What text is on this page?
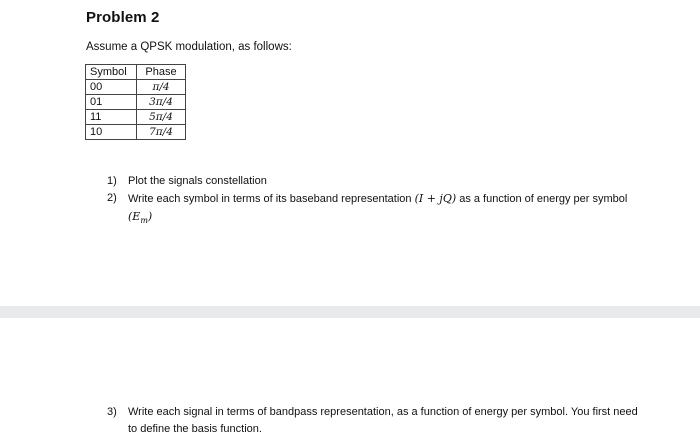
Problem 2
Assume a QPSK modulation, as follows:
Symbol	Phase
00	π/4
01	3π/4
11	5π/4
10	7π/4
1) Plot the signals constellation
2) Write each symbol in terms of its baseband representation (I + jQ) as a function of energy per symbol $(E_m)$
3) Write each signal in terms of bandpass representation, as a function of energy per symbol. You first need to define the basis function.
